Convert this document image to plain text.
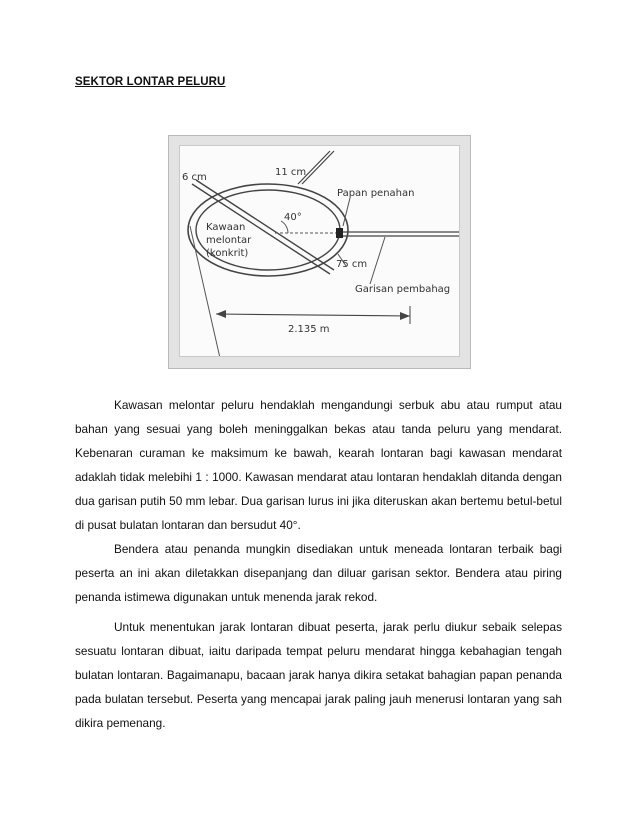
SEKTOR LONTAR PELURU
6 cm	11 cm
Papan penahan
40°
Kawaan
melontar
(konkrit)
75 cm
Garisan pembahag
2.135 m

Kawasan melontar peluru hendaklah mengandungi serbuk abu atau rumput atau bahan yang sesuai yang boleh meninggalkan bekas atau tanda peluru yang mendarat. Kebenaran curaman ke maksimum ke bawah, kearah lontaran bagi kawasan mendarat adaklah tidak melebihi 1 : 1000. Kawasan mendarat atau lontaran hendaklah ditanda dengan dua garisan putih 50 mm lebar. Dua garisan lurus ini jika diteruskan akan bertemu betul-betul di pusat bulatan lontaran dan bersudut 40°.

Bendera atau penanda mungkin disediakan untuk meneada lontaran terbaik bagi peserta an ini akan diletakkan disepanjang dan diluar garisan sektor. Bendera atau piring penanda istimewa digunakan untuk menenda jarak rekod.

Untuk menentukan jarak lontaran dibuat peserta, jarak perlu diukur sebaik selepas sesuatu lontaran dibuat, iaitu daripada tempat peluru mendarat hingga kebahagian tengah bulatan lontaran. Bagaimanapu, bacaan jarak hanya dikira setakat bahagian papan penanda pada bulatan tersebut. Peserta yang mencapai jarak paling jauh menerusi lontaran yang sah dikira pemenang.
